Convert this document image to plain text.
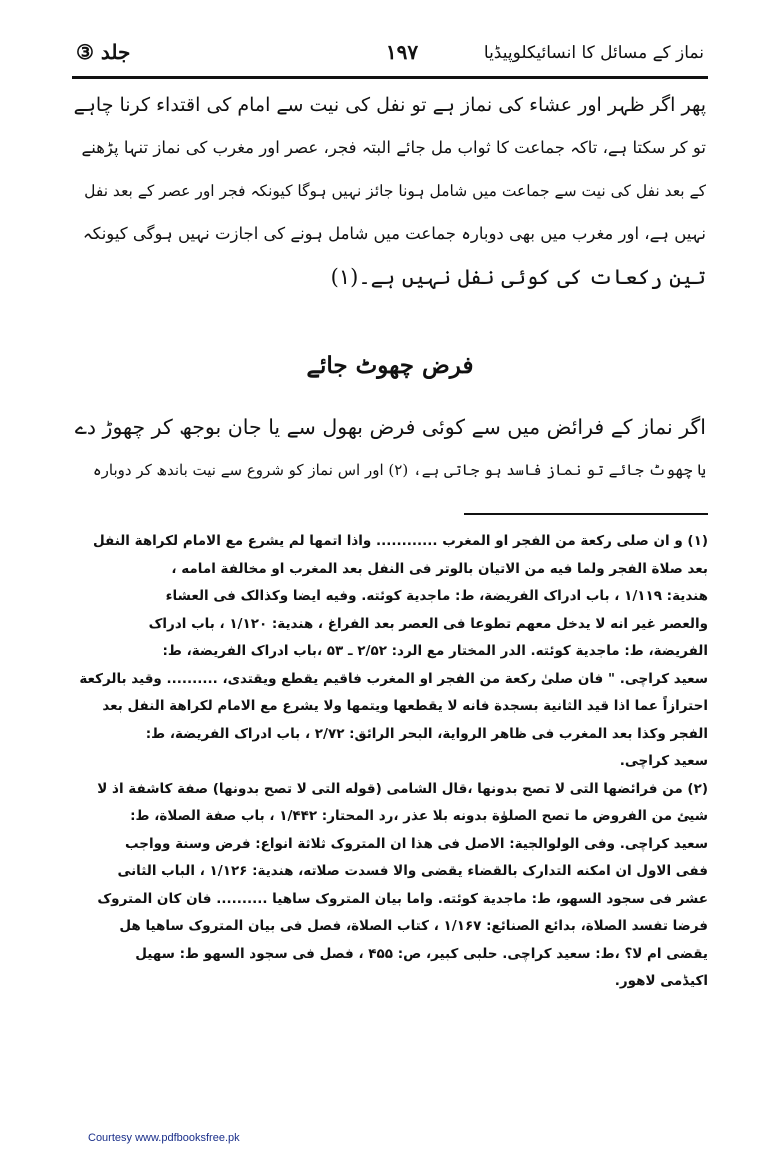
جلد ③	۱۹۷	نماز کے مسائل کا انسائیکلوپیڈیا
پھر اگر ظہر اور عشاء کی نماز ہے تو نفل کی نیت سے امام کی اقتداء کرنا چاہے
تو کر سکتا ہے، تاکہ جماعت کا ثواب مل جائے البتہ فجر، عصر اور مغرب کی نماز تنہا پڑھنے
کے بعد نفل کی نیت سے جماعت میں شامل ہونا جائز نہیں ہوگا کیونکہ فجر اور عصر کے بعد نفل
نہیں ہے، اور مغرب میں بھی دوبارہ جماعت میں شامل ہونے کی اجازت نہیں ہوگی کیونکہ
تین رکعات کی کوئی نفل نہیں ہے۔(۱)
فرض چھوٹ جائے
اگر نماز کے فرائض میں سے کوئی فرض بھول سے یا جان بوجھ کر چھوڑ دے
یا چھوٹ جائے تو نماز فاسد ہو جاتی ہے، (۲) اور اس نماز کو شروع سے نیت باندھ کر دوبارہ
(۱) و ان صلی رکعة من الفجر او المغرب ............ واذا اتمها لم یشرع مع الامام لکراهة النفل
بعد صلاة الفجر ولما فیه من الاتیان بالوتر فی النفل بعد المغرب او مخالفة امامه ،
هندیة: ۱/۱۱۹ ، باب ادراک الفریضة، ط: ماجدیة کوئته. وفیه ایضا وکذالک فی العشاء
والعصر غیر انه لا یدخل معهم تطوعا فی العصر بعد الفراغ ، هندیة: ۱/۱۲۰ ، باب ادراک
الفریضة، ط: ماجدیة کوئته. الدر المختار مع الرد: ۲/۵۲ ـ ۵۳ ،باب ادراک الفریضة، ط:
سعید کراچی. " فان صلیٰ رکعة من الفجر او المغرب فاقیم یقطع ویقتدی، .......... وقید بالرکعة
احترازاً عما اذا قید الثانیة بسجدة فانه لا یقطعها ویتمها ولا یشرع مع الامام لکراهة النفل بعد
الفجر وکذا بعد المغرب فی ظاهر الروایة، البحر الرائق: ۲/۷۲ ، باب ادراک الفریضة، ط:
سعید کراچی.
(۲) من فرائضها التی لا تصح بدونها ،قال الشامی (قوله التی لا تصح بدونها) صفة کاشفة اذ لا
شیئ من الفروض ما تصح الصلوٰة بدونه بلا عذر ،رد المحتار: ۱/۴۴۲ ، باب صفة الصلاة، ط:
سعید کراچی. وفی الولوالجیة: الاصل فی هذا ان المتروک ثلاثة انواع: فرض وسنة وواجب
ففی الاول ان امکنه التدارک بالقضاء یقضی والا فسدت صلاته، هندیة: ۱/۱۲۶ ، الباب الثانی
عشر فی سجود السهو، ط: ماجدیة کوئته. واما بیان المتروک ساهیا .......... فان کان المتروک
فرضا تفسد الصلاة، بدائع الصنائع: ۱/۱۶۷ ، کتاب الصلاة، فصل فی بیان المتروک ساهیا هل
یقضی ام لا؟ ،ط: سعید کراچی. حلبی کبیر، ص: ۴۵۵ ، فصل فی سجود السهو ط: سهیل
اکیڈمی لاهور.
Courtesy www.pdfbooksfree.pk
